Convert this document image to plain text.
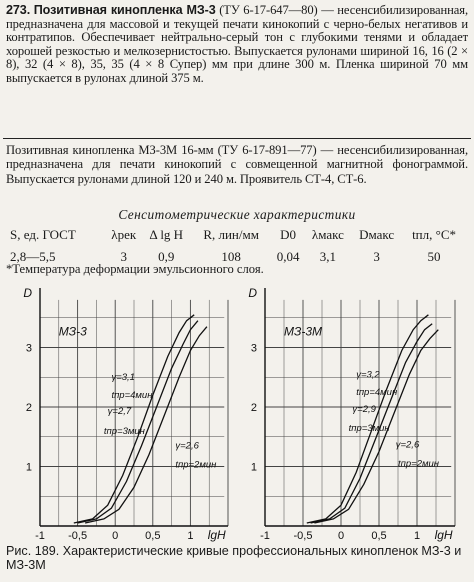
273. Позитивная кинопленка МЗ-3 (ТУ 6-17-647—80) — несенсибилизированная, предназначена для массовой и текущей печати кинокопий с черно-белых негативов и контратипов. Обеспечивает нейтрально-серый тон с глубокими тенями и обладает хорошей резкостью и мелкозернистостью. Выпускается рулонами шириной 16, 16 (2 × 8), 32 (4 × 8), 35, 35 (4 × 8 Супер) мм при длине 300 м. Пленка шириной 70 мм выпускается в рулонах длиной 375 м.
Позитивная кинопленка МЗ-3М 16-мм (ТУ 6-17-891—77) — несенсибилизированная, предназначена для печати кинокопий с совмещенной магнитной фонограммой. Выпускается рулонами длиной 120 и 240 м. Проявитель СТ-4, СТ-6.
Сенситометрические характеристики
S, ед. ГОСТ	λрек	Δ lg H	R, лин/мм	D0	λмакс	Dмакс	tпл, °C*
2,8—5,5	3	0,9	108	0,04	3,1	3	50
*Температура деформации эмульсионного слоя.
-1 -0,5 0 0,5 1 lgH
1
2
3
D
МЗ-3
γ=3,1
tпр=4мин
γ=2,7
tпр=3мин
γ=2,6
tпр=2мин
-1 -0,5 0 0,5 1 lgH
1
2
3
D
МЗ-3М
γ=3,2
tпр=4мин
γ=2,9
tпр=3мин
γ=2,6
tпр=2мин
Рис. 189. Характеристические кривые профессиональных кинопленок МЗ-3 и МЗ-3М
